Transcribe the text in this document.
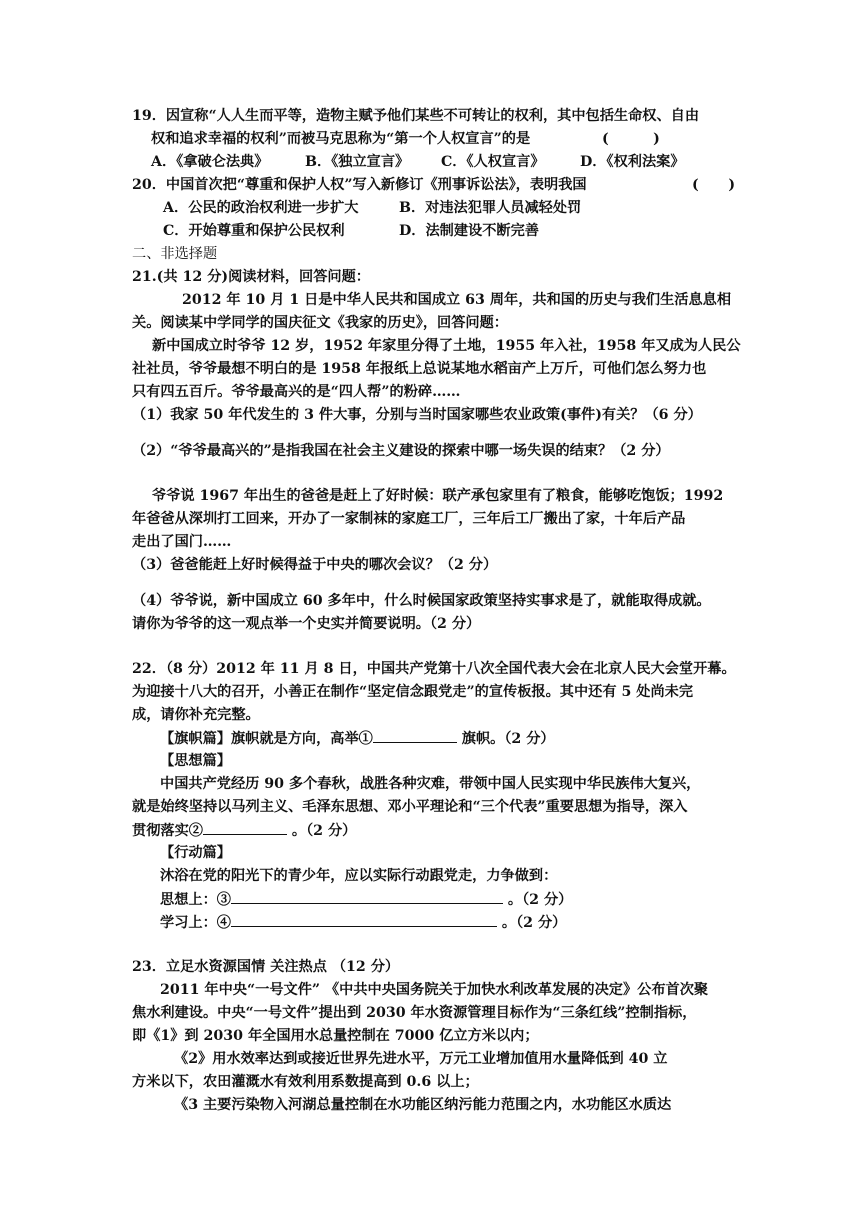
19．因宣称“人人生而平等，造物主赋予他们某些不可转让的权利，其中包括生命权、自由
权和追求幸福的权利”而被马克思称为“第一个人权宣言”的是	(         )
A．《拿破仑法典》	B．《独立宣言》 C．《人权宣言》 D．《权利法案》
20．中国首次把“尊重和保护人权”写入新修订《刑事诉讼法》，表明我国	(      )
A．公民的政治权利进一步扩大	B．对违法犯罪人员减轻处罚
C．开始尊重和保护公民权利	D．法制建设不断完善
二、非选择题
21.(共 12 分)阅读材料，回答问题：
2012 年 10 月 1 日是中华人民共和国成立 63 周年，共和国的历史与我们生活息息相
关。阅读某中学同学的国庆征文《我家的历史》，回答问题：
新中国成立时爷爷 12 岁，1952 年家里分得了土地，1955 年入社，1958 年又成为人民公
社社员，爷爷最想不明白的是 1958 年报纸上总说某地水稻亩产上万斤，可他们怎么努力也
只有四五百斤。爷爷最高兴的是“四人帮”的粉碎……
（1）我家 50 年代发生的 3 件大事，分别与当时国家哪些农业政策(事件)有关？（6 分）
（2）“爷爷最高兴的”是指我国在社会主义建设的探索中哪一场失误的结束？（2 分）
爷爷说 1967 年出生的爸爸是赶上了好时候：联产承包家里有了粮食，能够吃饱饭；1992
年爸爸从深圳打工回来，开办了一家制袜的家庭工厂，三年后工厂搬出了家，十年后产品
走出了国门……
（3）爸爸能赶上好时候得益于中央的哪次会议？（2 分）
（4）爷爷说，新中国成立 60 多年中，什么时候国家政策坚持实事求是了，就能取得成就。
请你为爷爷的这一观点举一个史实并简要说明。（2 分）
22．（8 分）2012 年 11 月 8 日，中国共产党第十八次全国代表大会在北京人民大会堂开幕。
为迎接十八大的召开，小善正在制作“坚定信念跟党走”的宣传板报。其中还有 5 处尚未完
成，请你补充完整。
【旗帜篇】旗帜就是方向，高举①	旗帜。（2 分）
【思想篇】
中国共产党经历 90 多个春秋，战胜各种灾难，带领中国人民实现中华民族伟大复兴，
就是始终坚持以马列主义、毛泽东思想、邓小平理论和“三个代表”重要思想为指导，深入
贯彻落实②	。（2 分）
【行动篇】
沐浴在党的阳光下的青少年，应以实际行动跟党走，力争做到：
思想上：③	。（2 分）
学习上：④	。（2 分）
23．立足水资源国情 关注热点 （12 分）
2011 年中央“一号文件” 《中共中央国务院关于加快水利改革发展的决定》公布首次聚
焦水利建设。中央“一号文件”提出到 2030 年水资源管理目标作为“三条红线”控制指标，
即《1》到 2030 年全国用水总量控制在 7000 亿立方米以内；
《2》用水效率达到或接近世界先进水平，万元工业增加值用水量降低到 40 立
方米以下，农田灌溉水有效利用系数提高到 0.6 以上；
《3 主要污染物入河湖总量控制在水功能区纳污能力范围之内，水功能区水质达
